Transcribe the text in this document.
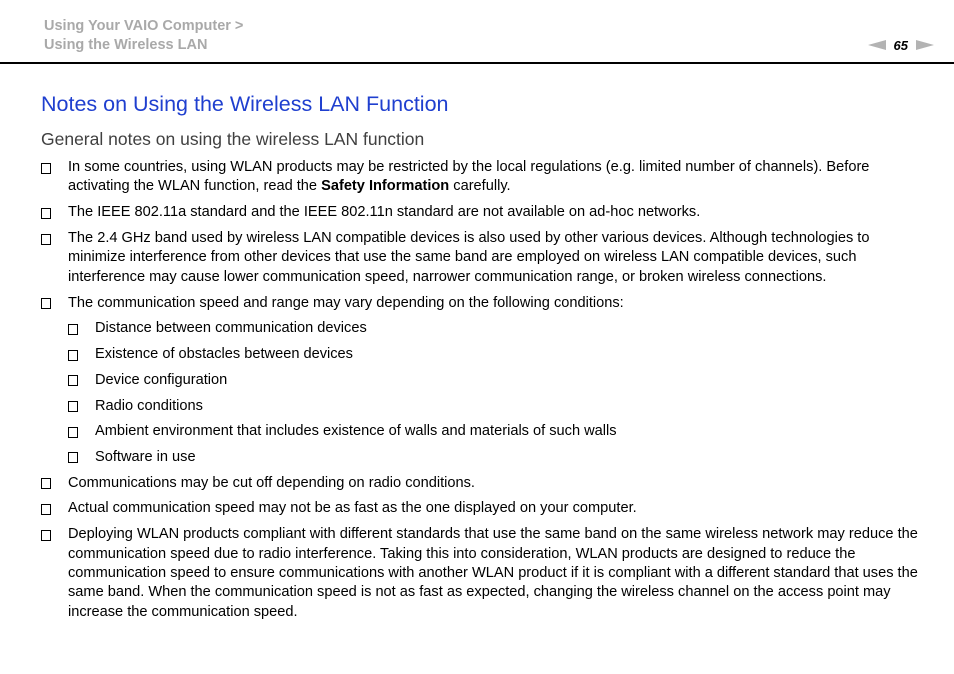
Using Your VAIO Computer >
Using the Wireless LAN	65
Notes on Using the Wireless LAN Function
General notes on using the wireless LAN function
In some countries, using WLAN products may be restricted by the local regulations (e.g. limited number of channels). Before activating the WLAN function, read the Safety Information carefully.
The IEEE 802.11a standard and the IEEE 802.11n standard are not available on ad-hoc networks.
The 2.4 GHz band used by wireless LAN compatible devices is also used by other various devices. Although technologies to minimize interference from other devices that use the same band are employed on wireless LAN compatible devices, such interference may cause lower communication speed, narrower communication range, or broken wireless connections.
The communication speed and range may vary depending on the following conditions:
Distance between communication devices
Existence of obstacles between devices
Device configuration
Radio conditions
Ambient environment that includes existence of walls and materials of such walls
Software in use
Communications may be cut off depending on radio conditions.
Actual communication speed may not be as fast as the one displayed on your computer.
Deploying WLAN products compliant with different standards that use the same band on the same wireless network may reduce the communication speed due to radio interference. Taking this into consideration, WLAN products are designed to reduce the communication speed to ensure communications with another WLAN product if it is compliant with a different standard that uses the same band. When the communication speed is not as fast as expected, changing the wireless channel on the access point may increase the communication speed.
